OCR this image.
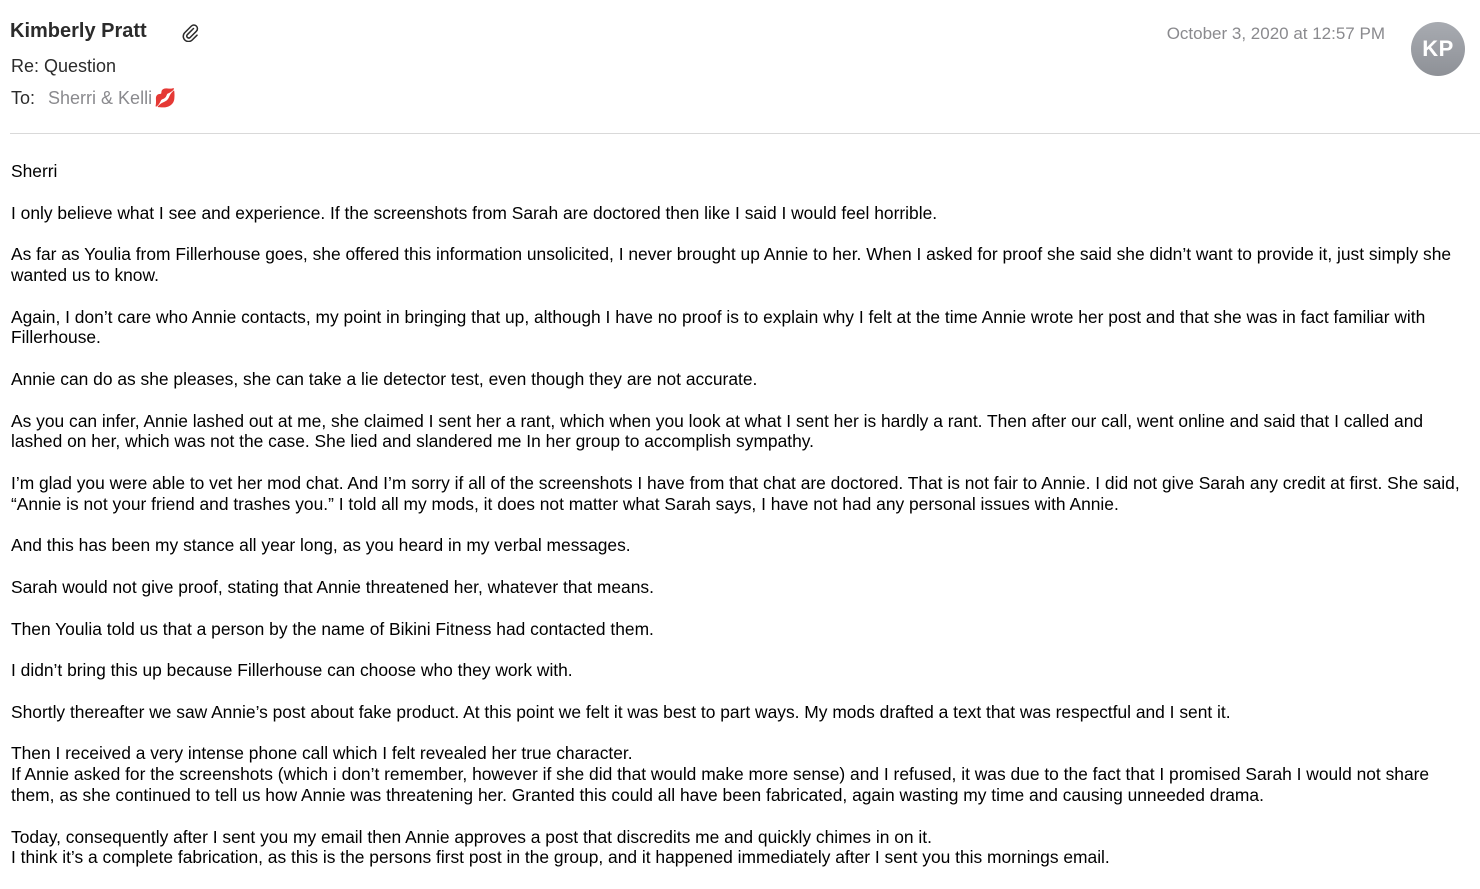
Kimberly Pratt
Re: Question
To: Sherri & Kelli 💋
October 3, 2020 at 12:57 PM
KP
Sherri
I only believe what I see and experience. If the screenshots from Sarah are doctored then like I said I would feel horrible.
As far as Youlia from Fillerhouse goes, she offered this information unsolicited, I never brought up Annie to her. When I asked for proof she said she didn’t want to provide it, just simply she wanted us to know.
Again, I don’t care who Annie contacts, my point in bringing that up, although I have no proof is to explain why I felt at the time Annie wrote her post and that she was in fact familiar with Fillerhouse.
Annie can do as she pleases, she can take a lie detector test, even though they are not accurate.
As you can infer, Annie lashed out at me, she claimed I sent her a rant, which when you look at what I sent her is hardly a rant. Then after our call, went online and said that I called and lashed on her, which was not the case. She lied and slandered me In her group to accomplish sympathy.
I’m glad you were able to vet her mod chat. And I’m sorry if all of the screenshots I have from that chat are doctored. That is not fair to Annie. I did not give Sarah any credit at first. She said, “Annie is not your friend and trashes you.” I told all my mods, it does not matter what Sarah says, I have not had any personal issues with Annie.
And this has been my stance all year long, as you heard in my verbal messages.
Sarah would not give proof, stating that Annie threatened her, whatever that means.
Then Youlia told us that a person by the name of Bikini Fitness had contacted them.
I didn’t bring this up because Fillerhouse can choose who they work with.
Shortly thereafter we saw Annie’s post about fake product. At this point we felt it was best to part ways. My mods drafted a text that was respectful and I sent it.
Then I received a very intense phone call which I felt revealed her true character.
If Annie asked for the screenshots (which i don’t remember, however if she did that would make more sense) and I refused, it was due to the fact that I promised Sarah I would not share them, as she continued to tell us how Annie was threatening her. Granted this could all have been fabricated, again wasting my time and causing unneeded drama.
Today, consequently after I sent you my email then Annie approves a post that discredits me and quickly chimes in on it.
I think it’s a complete fabrication, as this is the persons first post in the group, and it happened immediately after I sent you this mornings email.
